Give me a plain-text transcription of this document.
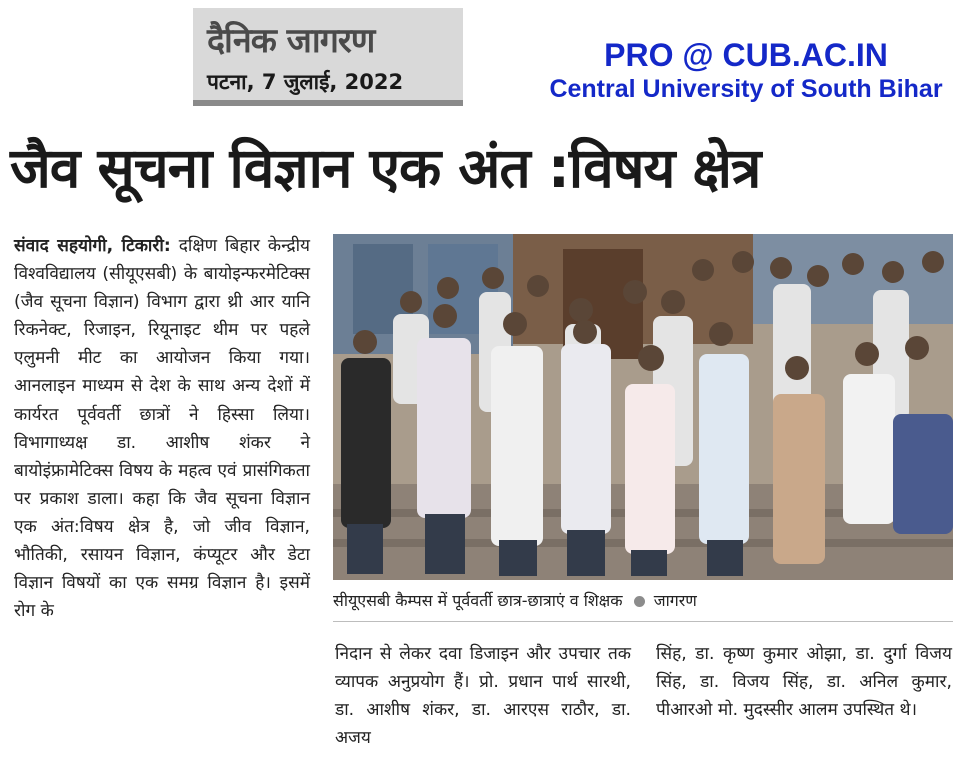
दैनिक जागरण
पटना, 7 जुलाई, 2022
PRO @ CUB.AC.IN
Central University of South Bihar
जैव सूचना विज्ञान एक अंत :विषय क्षेत्र
संवाद सहयोगी, टिकारी: दक्षिण बिहार केन्द्रीय विश्वविद्यालय (सीयूएसबी) के बायोइन्फरमेटिक्स (जैव सूचना विज्ञान) विभाग द्वारा थ्री आर यानि रिकनेक्ट, रिजाइन, रियूनाइट थीम पर पहले एलुमनी मीट का आयोजन किया गया। आनलाइन माध्यम से देश के साथ अन्य देशों में कार्यरत पूर्ववर्ती छात्रों ने हिस्सा लिया। विभागाध्यक्ष डा. आशीष शंकर ने बायोइंफ्रामेटिक्स विषय के महत्व एवं प्रासंगिकता पर प्रकाश डाला। कहा कि जैव सूचना विज्ञान एक अंत:विषय क्षेत्र है, जो जीव विज्ञान, भौतिकी, रसायन विज्ञान, कंप्यूटर और डेटा विज्ञान विषयों का एक समग्र विज्ञान है। इसमें रोग के
सीयूएसबी कैम्पस में पूर्ववर्ती छात्र-छात्राएं व शिक्षक जागरण
निदान से लेकर दवा डिजाइन और उपचार तक व्यापक अनुप्रयोग हैं। प्रो. प्रधान पार्थ सारथी, डा. आशीष शंकर, डा. आरएस राठौर, डा. अजय
सिंह, डा. कृष्ण कुमार ओझा, डा. दुर्गा विजय सिंह, डा. विजय सिंह, डा. अनिल कुमार, पीआरओ मो. मुदस्सीर आलम उपस्थित थे।
